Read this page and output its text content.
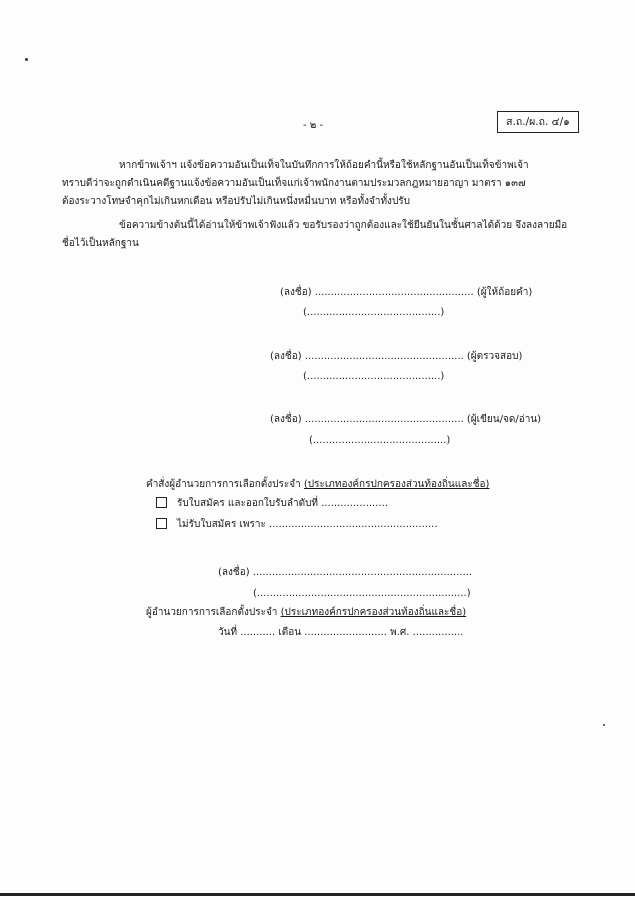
ส.ถ./ผ.ถ. ๔/๑
- ๒ -
หากข้าพเจ้าฯ แจ้งข้อความอันเป็นเท็จในบันทึกการให้ถ้อยคำนี้หรือใช้หลักฐานอันเป็นเท็จข้าพเจ้า
ทราบดีว่าจะถูกดำเนินคดีฐานแจ้งข้อความอันเป็นเท็จแก่เจ้าพนักงานตามประมวลกฎหมายอาญา มาตรา ๑๓๗
ต้องระวางโทษจำคุกไม่เกินหกเดือน หรือปรับไม่เกินหนึ่งหมื่นบาท หรือทั้งจำทั้งปรับ
ข้อความข้างต้นนี้ได้อ่านให้ข้าพเจ้าฟังแล้ว ขอรับรองว่าถูกต้องและใช้ยืนยันในชั้นศาลได้ด้วย จึงลงลายมือ
ชื่อไว้เป็นหลักฐาน
(ลงชื่อ) .................................................. (ผู้ให้ถ้อยคำ)
(..........................................)
(ลงชื่อ) .................................................. (ผู้ตรวจสอบ)
(..........................................)
(ลงชื่อ) .................................................. (ผู้เขียน/จด/อ่าน)
(..........................................)
คำสั่งผู้อำนวยการการเลือกตั้งประจำ (ประเภทองค์กรปกครองส่วนท้องถิ่นและชื่อ)
รับใบสมัคร และออกใบรับลำดับที่ .....................
ไม่รับใบสมัคร เพราะ .....................................................
(ลงชื่อ) .....................................................................
(..................................................................)
ผู้อำนวยการการเลือกตั้งประจำ (ประเภทองค์กรปกครองส่วนท้องถิ่นและชื่อ)
วันที่ ........... เดือน .......................... พ.ศ. ................
